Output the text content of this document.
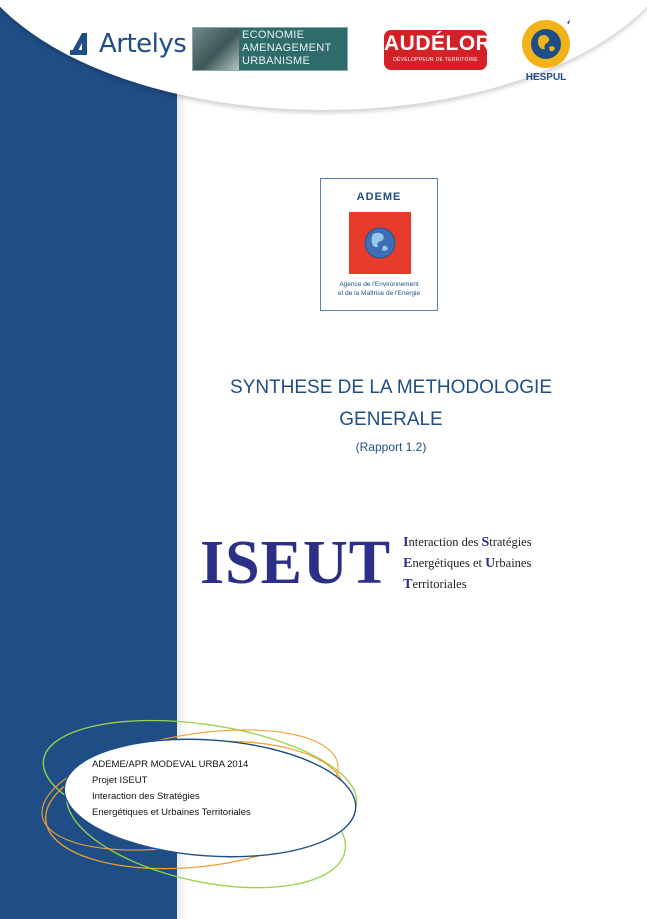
Artelys	ECONOMIE
AMENAGEMENT
URBANISME
AUDÉLOR
DÉVELOPPEUR DE TERRITOIRE
HESPUL
ADEME
Agence de l'Environnement
et de la Maîtrise de l'Energie
SYNTHESE DE LA METHODOLOGIE
GENERALE
(Rapport 1.2)
ISEUT Interaction des Stratégies
Energétiques et Urbaines
Territoriales
ADEME/APR MODEVAL URBA 2014
Projet ISEUT
Interaction des Stratégies
Energétiques et Urbaines Territoriales
